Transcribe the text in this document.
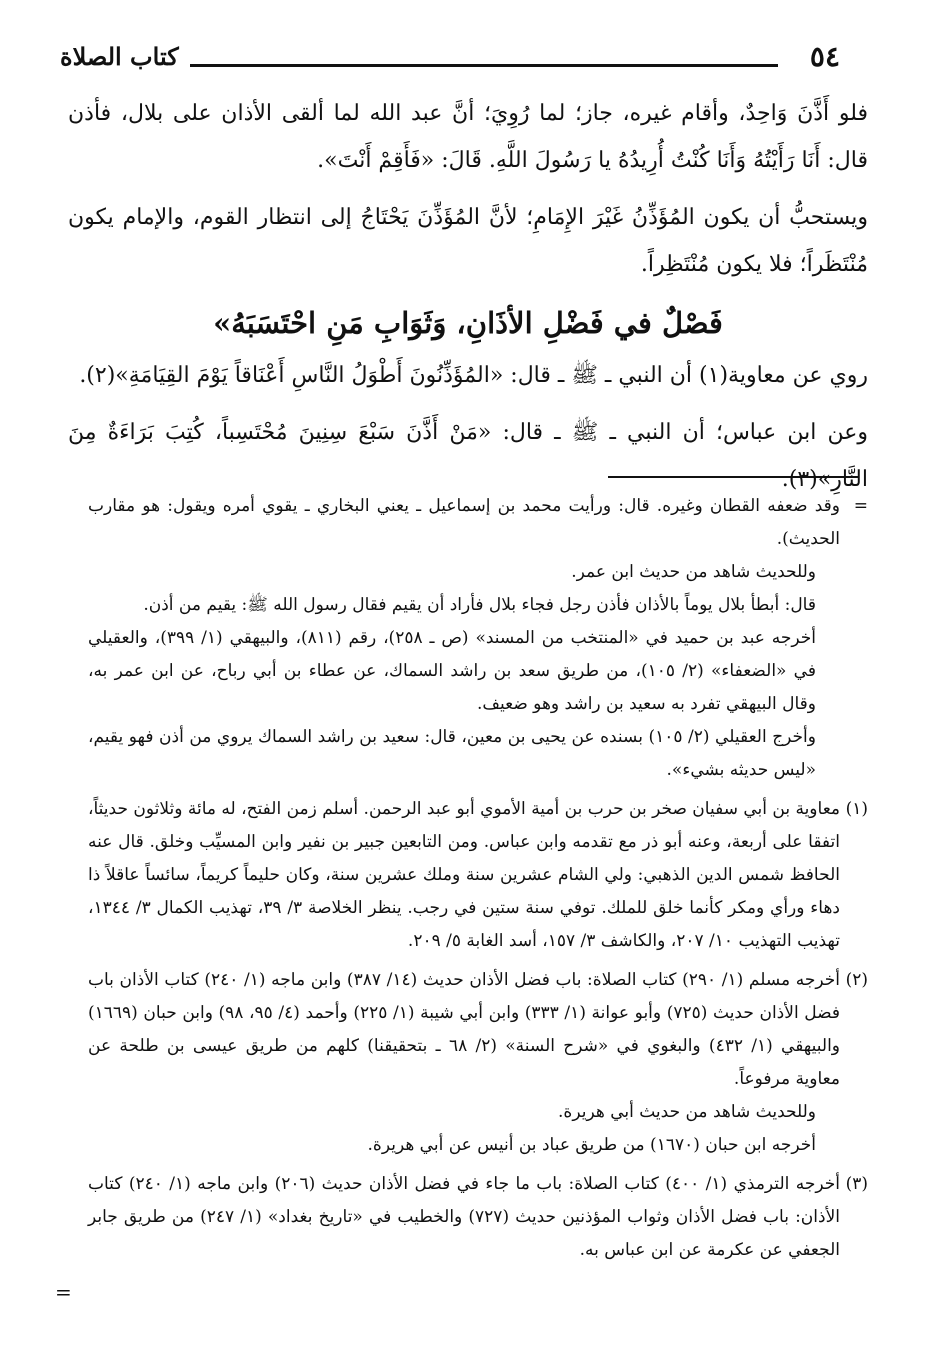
٥٤
كتاب الصلاة

فلو أَذَّنَ وَاحِدٌ، وأقام غيره، جاز؛ لما رُوِيَ؛ أنَّ عبد الله لما ألقى الأذان على بلال، فأذن قال: أَنَا رَأَيْتُهُ وَأَنَا كُنْتُ أُرِيدُهُ يا رَسُولَ اللَّهِ. قَالَ: «فَأَقِمْ أَنْتَ».

ويستحبُّ أن يكون المُؤَذِّنُ غَيْرَ الإِمَامِ؛ لأنَّ المُؤَذِّنَ يَحْتَاجُ إلى انتظار القوم، والإمام يكون مُنْتَظَراً؛ فلا يكون مُنْتَظِراً.

فَصْلٌ في فَضْلِ الأذَانِ، وَثَوَابِ مَنِ احْتَسَبَهُ»

روي عن معاوية(١) أن النبي ـ ﷺ ـ قال: «المُؤَذِّنُونَ أَطْوَلُ النَّاسِ أَعْنَاقاً يَوْمَ القِيَامَةِ»(٢).

وعن ابن عباس؛ أن النبي ـ ﷺ ـ قال: «مَنْ أَذَّنَ سَبْعَ سِنِينَ مُحْتَسِباً، كُتِبَ بَرَاءَةٌ مِنَ النَّارِ»(٣).

=

وقد ضعفه القطان وغيره. قال: ورأيت محمد بن إسماعيل ـ يعني البخاري ـ يقوي أمره ويقول: هو مقارب الحديث).

وللحديث شاهد من حديث ابن عمر.

قال: أبطأ بلال يوماً بالأذان فأذن رجل فجاء بلال فأراد أن يقيم فقال رسول الله ﷺ: يقيم من أذن.

أخرجه عبد بن حميد في «المنتخب من المسند» (ص ـ ٢٥٨)، رقم (٨١١)، والبيهقي (١/ ٣٩٩)، والعقيلي في «الضعفاء» (٢/ ١٠٥)، من طريق سعد بن راشد السماك، عن عطاء بن أبي رباح، عن ابن عمر به، وقال البيهقي تفرد به سعيد بن راشد وهو ضعيف.

وأخرج العقيلي (٢/ ١٠٥) بسنده عن يحيى بن معين، قال: سعيد بن راشد السماك يروي من أذن فهو يقيم، «ليس حديثه بشيء».

(١)

معاوية بن أبي سفيان صخر بن حرب بن أمية الأموي أبو عبد الرحمن. أسلم زمن الفتح، له مائة وثلاثون حديثاً، اتفقا على أربعة، وعنه أبو ذر مع تقدمه وابن عباس. ومن التابعين جبير بن نفير وابن المسيِّب وخلق. قال عنه الحافظ شمس الدين الذهبي: ولي الشام عشرين سنة وملك عشرين سنة، وكان حليماً كريماً، سائساً عاقلاً ذا دهاء ورأي ومكر كأنما خلق للملك. توفي سنة ستين في رجب. ينظر الخلاصة ٣/ ٣٩، تهذيب الكمال ٣/ ١٣٤٤، تهذيب التهذيب ١٠/ ٢٠٧، والكاشف ٣/ ١٥٧، أسد الغابة ٥/ ٢٠٩.

(٢)

أخرجه مسلم (١/ ٢٩٠) كتاب الصلاة: باب فضل الأذان حديث (١٤/ ٣٨٧) وابن ماجه (١/ ٢٤٠) كتاب الأذان باب فضل الأذان حديث (٧٢٥) وأبو عوانة (١/ ٣٣٣) وابن أبي شيبة (١/ ٢٢٥) وأحمد (٤/ ٩٥، ٩٨) وابن حبان (١٦٦٩) والبيهقي (١/ ٤٣٢) والبغوي في «شرح السنة» (٢/ ٦٨ ـ بتحقيقنا) كلهم من طريق عيسى بن طلحة عن معاوية مرفوعاً.

وللحديث شاهد من حديث أبي هريرة.

أخرجه ابن حبان (١٦٧٠) من طريق عباد بن أنيس عن أبي هريرة.

(٣)

أخرجه الترمذي (١/ ٤٠٠) كتاب الصلاة: باب ما جاء في فضل الأذان حديث (٢٠٦) وابن ماجه (١/ ٢٤٠) كتاب الأذان: باب فضل الأذان وثواب المؤذنين حديث (٧٢٧) والخطيب في «تاريخ بغداد» (١/ ٢٤٧) من طريق جابر الجعفي عن عكرمة عن ابن عباس به.

=
